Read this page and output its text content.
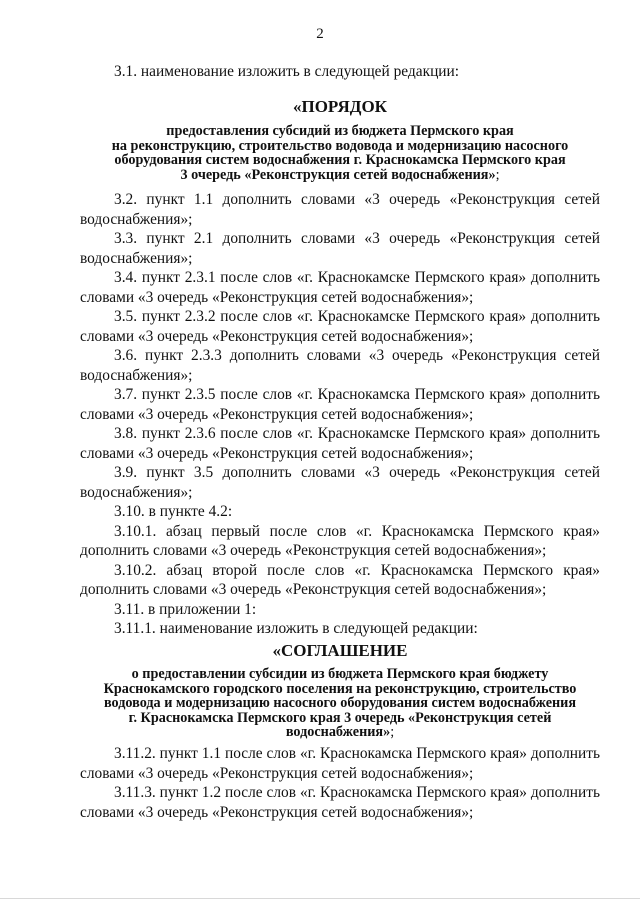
2

3.1. наименование изложить в следующей редакции:

«ПОРЯДОК

предоставления субсидий из бюджета Пермского края
на реконструкцию, строительство водовода и модернизацию насосного
оборудования систем водоснабжения г. Краснокамска Пермского края
3 очередь «Реконструкция сетей водоснабжения»;

3.2. пункт 1.1 дополнить словами «3 очередь «Реконструкция сетей водоснабжения»;

3.3. пункт 2.1 дополнить словами «3 очередь «Реконструкция сетей водоснабжения»;

3.4. пункт 2.3.1 после слов «г. Краснокамске Пермского края» дополнить словами «3 очередь «Реконструкция сетей водоснабжения»;

3.5. пункт 2.3.2 после слов «г. Краснокамске Пермского края» дополнить словами «3 очередь «Реконструкция сетей водоснабжения»;

3.6. пункт 2.3.3 дополнить словами «3 очередь «Реконструкция сетей водоснабжения»;

3.7. пункт 2.3.5 после слов «г. Краснокамска Пермского края» дополнить словами «3 очередь «Реконструкция сетей водоснабжения»;

3.8. пункт 2.3.6 после слов «г. Краснокамске Пермского края» дополнить словами «3 очередь «Реконструкция сетей водоснабжения»;

3.9. пункт 3.5 дополнить словами «3 очередь «Реконструкция сетей водоснабжения»;

3.10. в пункте 4.2:

3.10.1. абзац первый после слов «г. Краснокамска Пермского края» дополнить словами «3 очередь «Реконструкция сетей водоснабжения»;

3.10.2. абзац второй после слов «г. Краснокамска Пермского края» дополнить словами «3 очередь «Реконструкция сетей водоснабжения»;

3.11. в приложении 1:

3.11.1. наименование изложить в следующей редакции:

«СОГЛАШЕНИЕ

о предоставлении субсидии из бюджета Пермского края бюджету
Краснокамского городского поселения на реконструкцию, строительство
водовода и модернизацию насосного оборудования систем водоснабжения
г. Краснокамска Пермского края 3 очередь «Реконструкция сетей
водоснабжения»;

3.11.2. пункт 1.1 после слов «г. Краснокамска Пермского края» дополнить словами «3 очередь «Реконструкция сетей водоснабжения»;

3.11.3. пункт 1.2 после слов «г. Краснокамска Пермского края» дополнить словами «3 очередь «Реконструкция сетей водоснабжения»;
